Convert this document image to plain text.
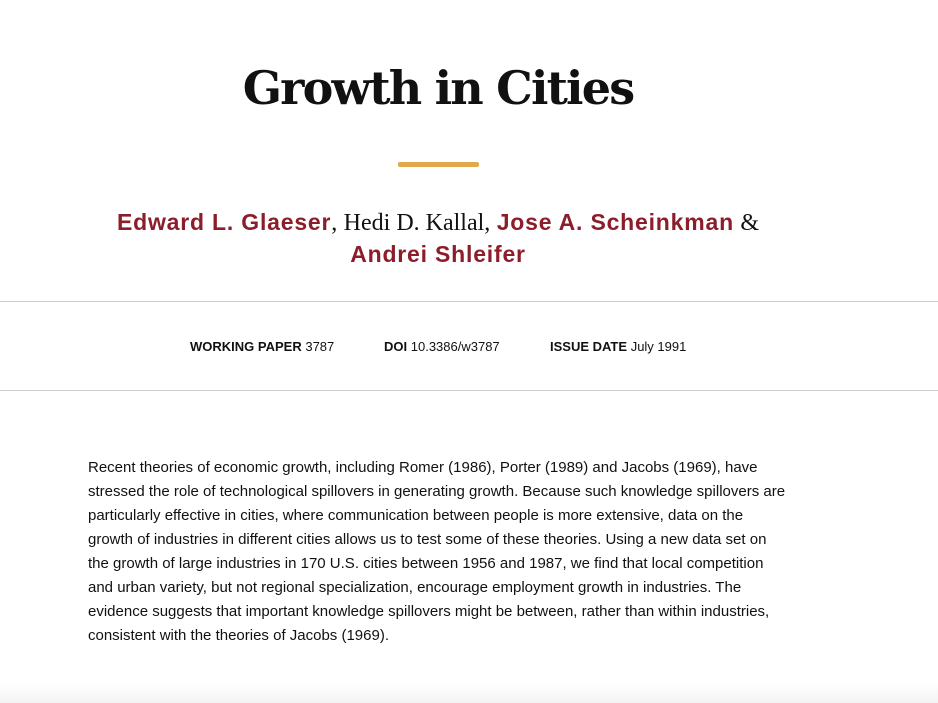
Growth in Cities
Edward L. Glaeser, Hedi D. Kallal, Jose A. Scheinkman &
Andrei Shleifer
WORKING PAPER 3787	DOI 10.3386/w3787	ISSUE DATE July 1991

Recent theories of economic growth, including Romer (1986), Porter (1989) and Jacobs (1969), have stressed the role of technological spillovers in generating growth. Because such knowledge spillovers are particularly effective in cities, where communication between people is more extensive, data on the growth of industries in different cities allows us to test some of these theories. Using a new data set on the growth of large industries in 170 U.S. cities between 1956 and 1987, we find that local competition and urban variety, but not regional specialization, encourage employment growth in industries. The evidence suggests that important knowledge spillovers might be between, rather than within industries, consistent with the theories of Jacobs (1969).
